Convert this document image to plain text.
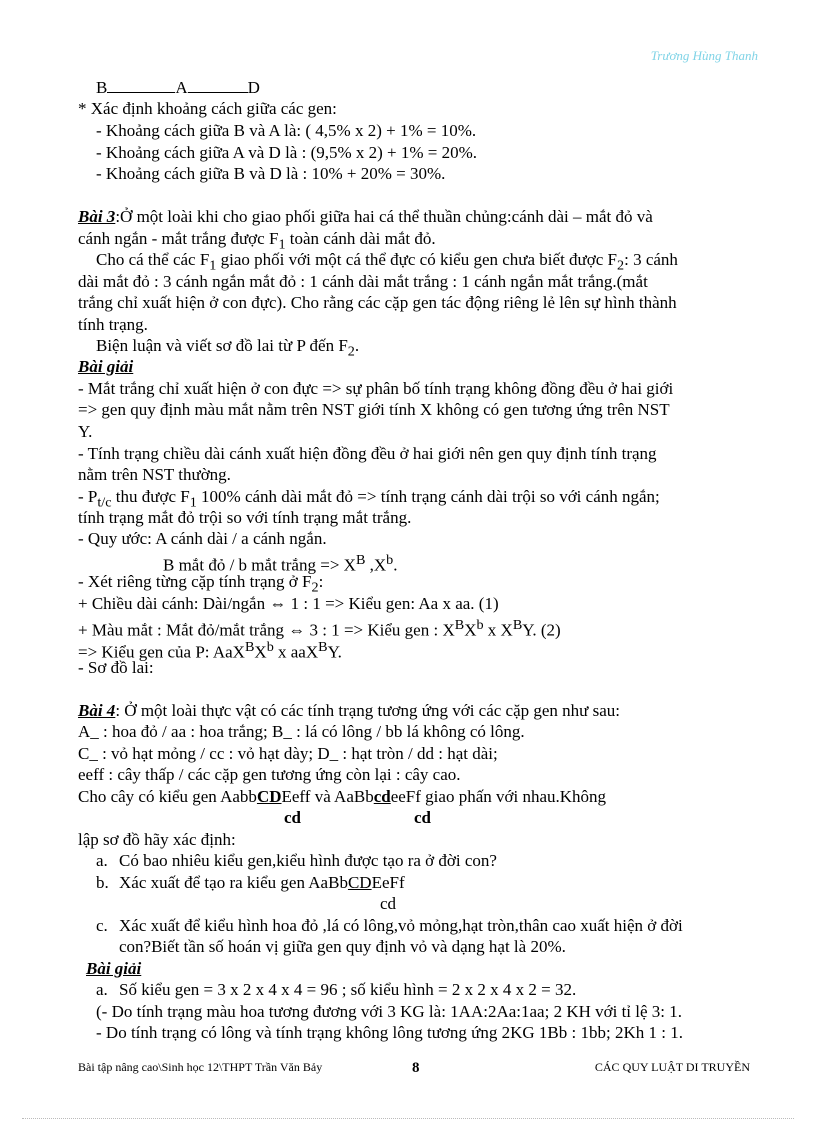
Trương Hùng Thanh
B	A	D
* Xác định khoảng cách giữa các gen:
- Khoảng cách giữa B và A là: ( 4,5% x 2) + 1% = 10%.
- Khoảng cách giữa A và D là : (9,5% x 2) + 1% = 20%.
- Khoảng cách giữa B và D là : 10% + 20% = 30%.
Bài 3:Ở một loài khi cho giao phối giữa hai cá thể thuần chủng:cánh dài – mắt đỏ và
cánh ngắn - mắt trắng được $F_1$ toàn cánh dài mắt đỏ.
Cho cá thể các $F_1$ giao phối với một cá thể đực có kiểu gen chưa biết được $F_2$: 3 cánh
dài mắt đỏ : 3 cánh ngắn mắt đỏ : 1 cánh dài mắt trắng : 1 cánh ngắn mắt trắng.(mắt
trắng chỉ xuất hiện ở con đực). Cho rằng các cặp gen tác động riêng lẻ lên sự hình thành
tính trạng.
Biện luận và viết sơ đồ lai từ P đến $F_2$.
Bài giải
- Mắt trắng chỉ xuất hiện ở con đực => sự phân bố tính trạng không đồng đều ở hai giới
=> gen quy định màu mắt nằm trên NST giới tính X không có gen tương ứng trên NST
Y.
- Tính trạng chiều dài cánh xuất hiện đồng đều ở hai giới nên gen quy định tính trạng
nằm trên NST thường.
- $P_{t/c}$ thu được $F_1$ 100% cánh dài mắt đỏ => tính trạng cánh dài trội so với cánh ngắn;
tính trạng mắt đỏ trội so với tính trạng mắt trắng.
- Quy ước: A cánh dài / a cánh ngắn.
B mắt đỏ / b mắt trắng => $X^B$ $,X^b$.
- Xét riêng từng cặp tính trạng ở $F_2$:
+ Chiều dài cánh: Dài/ngắn ⇔ 1 : 1 => Kiểu gen: Aa x aa. (1)
+ Màu mắt : Mắt đỏ/mắt trắng ⇔ 3 : 1 => Kiểu gen : $X^BX^b$ x $X^BY$. (2)
=> Kiểu gen của P: $AaX^BX^b$ x aaX$^B$Y.
- Sơ đồ lai:
Bài 4: Ở một loài thực vật có các tính trạng tương ứng với các cặp gen như sau:
A_ : hoa đỏ / aa : hoa trắng; B_ : lá có lông / bb lá không có lông.
C_ : vỏ hạt mỏng / cc : vỏ hạt dày; D_ : hạt tròn / dd : hạt dài;
eeff : cây thấp / các cặp gen tương ứng còn lại : cây cao.
Cho cây có kiểu gen AabbCDEeff và AaBbcdeeFf giao phấn với nhau.Không
cd	cd
lập sơ đồ hãy xác định:
a. Có bao nhiêu kiểu gen,kiểu hình được tạo ra ở đời con?
b. Xác xuất để tạo ra kiểu gen AaBbCDEeFf
cd
c. Xác xuất để kiểu hình hoa đỏ ,lá có lông,vỏ mỏng,hạt tròn,thân cao xuất hiện ở đời
con?Biết tần số hoán vị giữa gen quy định vỏ và dạng hạt là 20%.
Bài giải
a. Số kiểu gen = 3 x 2 x 4 x 4 = 96 ; số kiểu hình = 2 x 2 x 4 x 2 = 32.
(- Do tính trạng màu hoa tương đương với 3 KG là: 1AA:2Aa:1aa; 2 KH với tỉ lệ 3: 1.
- Do tính trạng có lông và tính trạng không lông tương ứng 2KG 1Bb : 1bb; 2Kh 1 : 1.
Bài tập nâng cao\Sinh học 12\THPT Trần Văn Bảy	8	CÁC QUY LUẬT DI TRUYỀN
